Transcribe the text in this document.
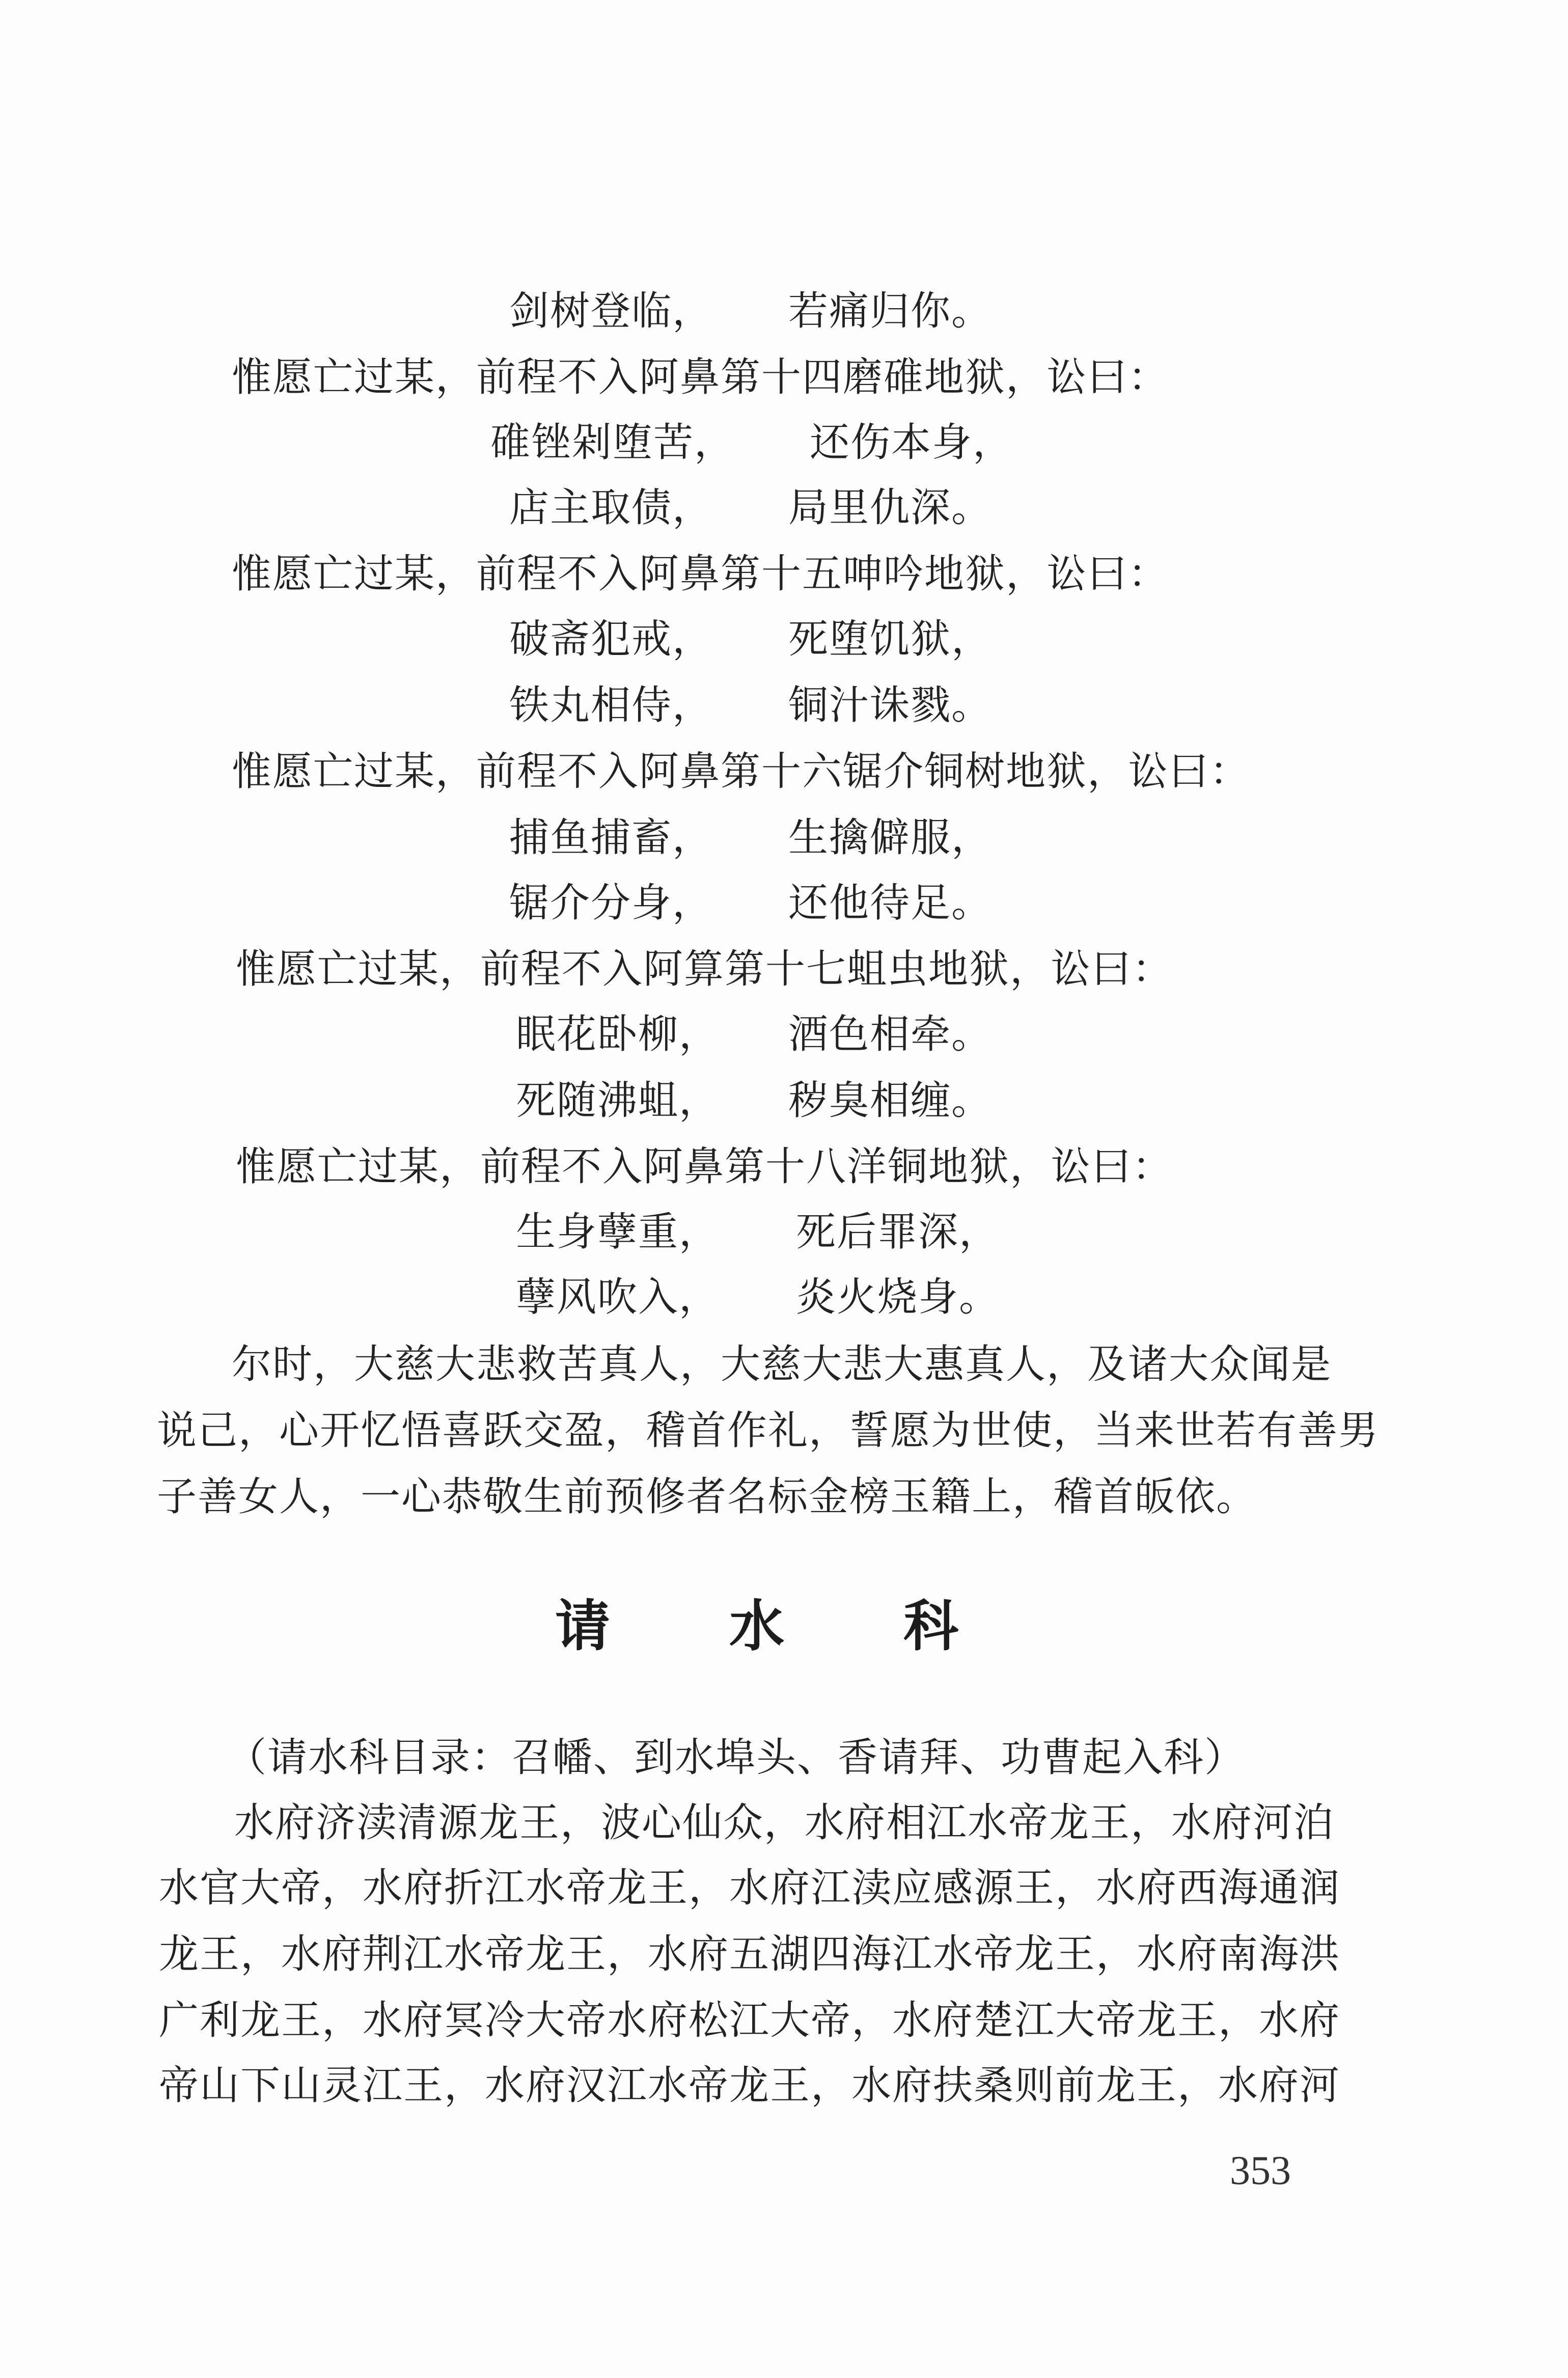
剑树登临， 若痛归你。
惟愿亡过某，前程不入阿鼻第十四磨碓地狱，讼曰：
碓锉剁堕苦， 还伤本身，
店主取债， 局里仇深。
惟愿亡过某，前程不入阿鼻第十五呻吟地狱，讼曰：
破斋犯戒， 死堕饥狱，
铁丸相侍， 铜汁诛戮。
惟愿亡过某，前程不入阿鼻第十六锯介铜树地狱，讼曰：
捕鱼捕畜， 生擒僻服，
锯介分身， 还他待足。
惟愿亡过某，前程不入阿算第十七蛆虫地狱，讼曰：
眠花卧柳， 酒色相牵。
死随沸蛆， 秽臭相缠。
惟愿亡过某，前程不入阿鼻第十八洋铜地狱，讼曰：
生身孽重， 死后罪深，
孽风吹入， 炎火烧身。
尔时，大慈大悲救苦真人，大慈大悲大惠真人，及诸大众闻是
说己，心开忆悟喜跃交盈，稽首作礼，誓愿为世使，当来世若有善男
子善女人，一心恭敬生前预修者名标金榜玉籍上，稽首皈依。
请 水 科
（请水科目录：召幡、到水埠头、香请拜、功曹起入科）
水府济渎清源龙王，波心仙众，水府相江水帝龙王，水府河泊
水官大帝，水府折江水帝龙王，水府江渎应感源王，水府西海通润
龙王，水府荆江水帝龙王，水府五湖四海江水帝龙王，水府南海洪
广利龙王，水府冥冷大帝水府松江大帝，水府楚江大帝龙王，水府
帝山下山灵江王，水府汉江水帝龙王，水府扶桑则前龙王，水府河
353
